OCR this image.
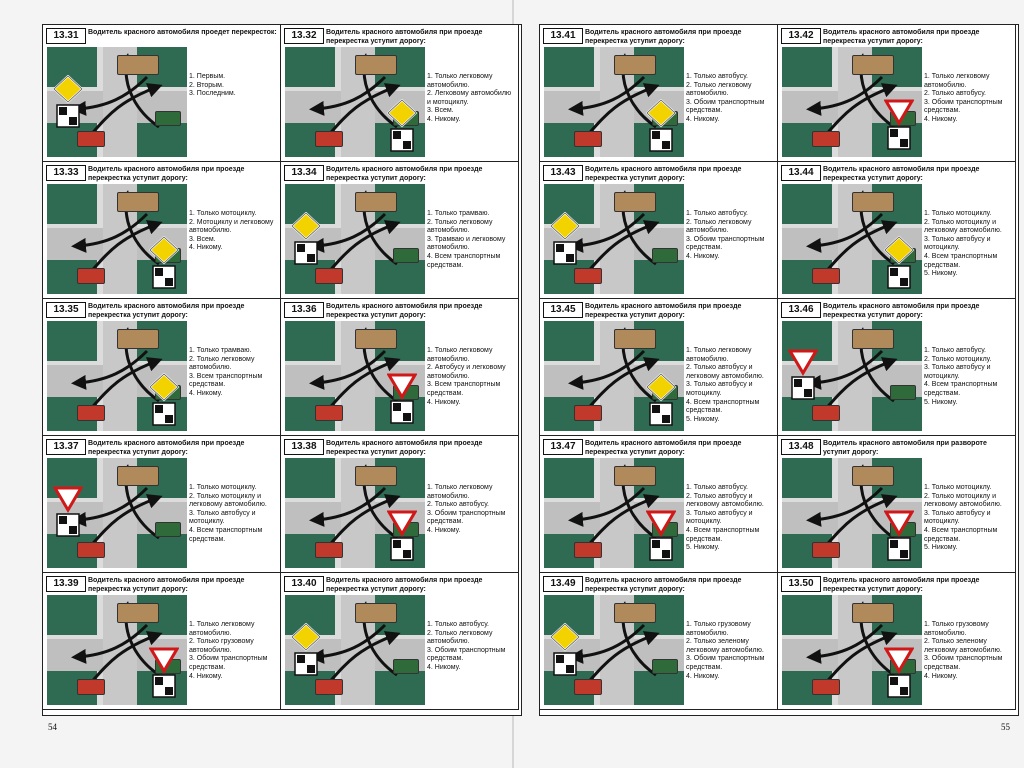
54	55
13.31	Водитель красного автомобиля проедет перекресток:
1. Первым.
2. Вторым.
3. Последним.
13.32	Водитель красного автомобиля при проезде перекрестка уступит дорогу:
1. Только легковому автомобилю.
2. Легковому автомобилю и мотоциклу.
3. Всем.
4. Никому.
13.33	Водитель красного автомобиля при проезде перекрестка уступит дорогу:
1. Только мотоциклу.
2. Мотоциклу и легковому автомобилю.
3. Всем.
4. Никому.
13.34	Водитель красного автомобиля при проезде перекрестка уступит дорогу:
1. Только трамваю.
2. Только легковому автомобилю.
3. Трамваю и легковому автомобилю.
4. Всем транспортным средствам.
13.35	Водитель красного автомобиля при проезде перекрестка уступит дорогу:
1. Только трамваю.
2. Только легковому автомобилю.
3. Всем транспортным средствам.
4. Никому.
13.36	Водитель красного автомобиля при проезде перекрестка уступит дорогу:
1. Только легковому автомобилю.
2. Автобусу и легковому автомобилю.
3. Всем транспортным средствам.
4. Никому.
13.37	Водитель красного автомобиля при проезде перекрестка уступит дорогу:
1. Только мотоциклу.
2. Только мотоциклу и легковому автомобилю.
3. Только автобусу и мотоциклу.
4. Всем транспортным средствам.
13.38	Водитель красного автомобиля при проезде перекрестка уступит дорогу:
1. Только легковому автомобилю.
2. Только автобусу.
3. Обоим транспортным средствам.
4. Никому.
13.39	Водитель красного автомобиля при проезде перекрестка уступит дорогу:
1. Только легковому автомобилю.
2. Только грузовому автомобилю.
3. Обоим транспортным средствам.
4. Никому.
13.40	Водитель красного автомобиля при проезде перекрестка уступит дорогу:
1. Только автобусу.
2. Только легковому автомобилю.
3. Обоим транспортным средствам.
4. Никому.
13.41	Водитель красного автомобиля при проезде перекрестка уступит дорогу:
1. Только автобусу.
2. Только легковому автомобилю.
3. Обоим транспортным средствам.
4. Никому.
13.42	Водитель красного автомобиля при проезде перекрестка уступит дорогу:
1. Только легковому автомобилю.
2. Только автобусу.
3. Обоим транспортным средствам.
4. Никому.
13.43	Водитель красного автомобиля при проезде перекрестка уступит дорогу:
1. Только автобусу.
2. Только легковому автомобилю.
3. Обоим транспортным средствам.
4. Никому.
13.44	Водитель красного автомобиля при проезде перекрестка уступит дорогу:
1. Только мотоциклу.
2. Только мотоциклу и легковому автомобилю.
3. Только автобусу и мотоциклу.
4. Всем транспортным средствам.
5. Никому.
13.45	Водитель красного автомобиля при проезде перекрестка уступит дорогу:
1. Только легковому автомобилю.
2. Только автобусу и легковому автомобилю.
3. Только автобусу и мотоциклу.
4. Всем транспортным средствам.
5. Никому.
13.46	Водитель красного автомобиля при проезде перекрестка уступит дорогу:
1. Только автобусу.
2. Только мотоциклу.
3. Только автобусу и мотоциклу.
4. Всем транспортным средствам.
5. Никому.
13.47	Водитель красного автомобиля при проезде перекрестка уступит дорогу:
1. Только автобусу.
2. Только автобусу и легковому автомобилю.
3. Только автобусу и мотоциклу.
4. Всем транспортным средствам.
5. Никому.
13.48	Водитель красного автомобиля при развороте уступит дорогу:
1. Только мотоциклу.
2. Только мотоциклу и легковому автомобилю.
3. Только автобусу и мотоциклу.
4. Всем транспортным средствам.
5. Никому.
13.49	Водитель красного автомобиля при проезде перекрестка уступит дорогу:
1. Только грузовому автомобилю.
2. Только зеленому легковому автомобилю.
3. Обоим транспортным средствам.
4. Никому.
13.50	Водитель красного автомобиля при проезде перекрестка уступит дорогу:
1. Только грузовому автомобилю.
2. Только зеленому легковому автомобилю.
3. Обоим транспортным средствам.
4. Никому.
